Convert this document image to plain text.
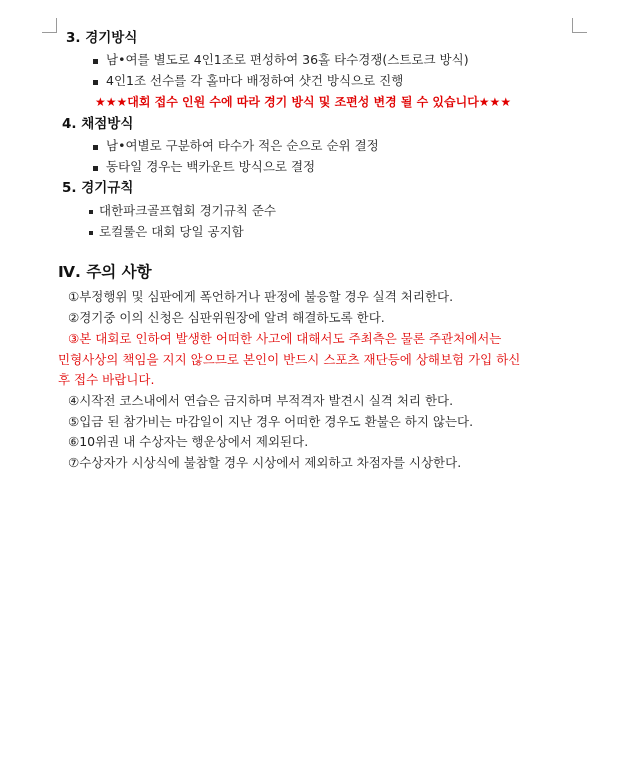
3. 경기방식
남•여를 별도로 4인1조로 편성하여 36홀 타수경쟁(스트로크 방식)
4인1조 선수를 각 홀마다 배정하여 샷건 방식으로 진행
★★★대회 접수 인원 수에 따라 경기 방식 및 조편성 변경 될 수 있습니다★★★
4. 채점방식
남•여별로 구분하여 타수가 적은 순으로 순위 결정
동타일 경우는 백카운트 방식으로 결정
5. 경기규칙
대한파크골프협회 경기규칙 준수
로컬룰은 대회 당일 공지함
Ⅳ. 주의 사항
①부정행위 및 심판에게 폭언하거나 판정에 불응할 경우 실격 처리한다.
②경기중 이의 신청은 심판위원장에 알려 해결하도록 한다.
③본 대회로 인하여 발생한 어떠한 사고에 대해서도 주최측은 물론 주관처에서는
민형사상의 책임을 지지 않으므로 본인이 반드시 스포츠 재단등에 상해보험 가입 하신
후 접수 바랍니다.
④시작전 코스내에서 연습은 금지하며 부적격자 발견시 실격 처리 한다.
⑤입금 된 참가비는 마감일이 지난 경우 어떠한 경우도 환불은 하지 않는다.
⑥10위권 내 수상자는 행운상에서 제외된다.
⑦수상자가 시상식에 불참할 경우 시상에서 제외하고 차점자를 시상한다.
